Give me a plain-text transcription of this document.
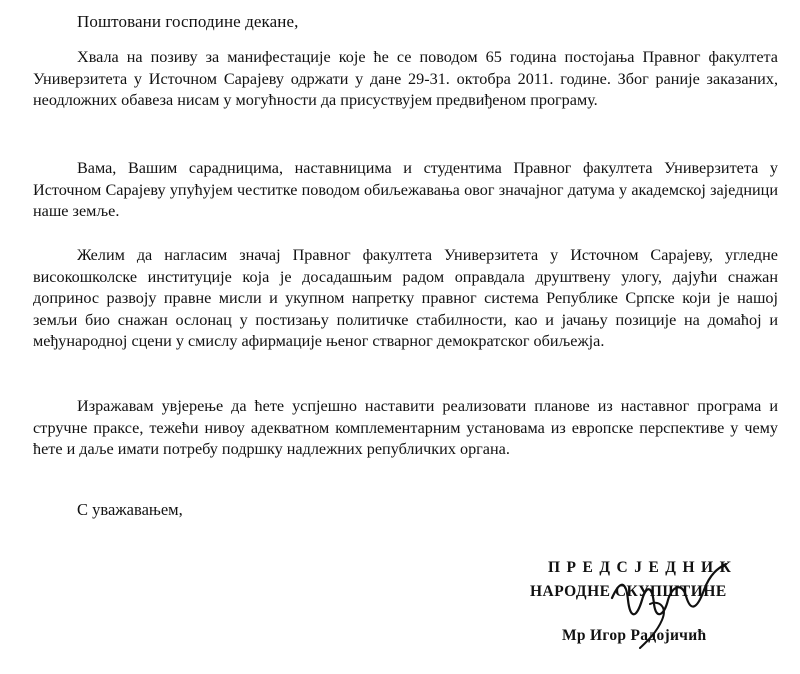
Поштовани господине декане,

Хвала на позиву за манифестације које ће се поводом 65 година постојања Правног факултета Универзитета у Источном Сарајеву одржати у дане 29-31. октобра 2011. године. Због раније заказаних, неодложних обавеза нисам у могућности да присуствујем предвиђеном програму.

Вама, Вашим сарадницима, наставницима и студентима Правног факултета Универзитета у Источном Сарајеву упућујем честитке поводом обиљежавања овог значајног датума у академској заједници наше земље.

Желим да нагласим значај Правног факултета Универзитета у Источном Сарајеву, угледне високошколске институције која је досадашњим радом оправдала друштвену улогу, дајући снажан допринос развоју правне мисли и укупном напретку правног система Републике Српске који је нашој земљи био снажан ослонац у постизању политичке стабилности, као и јачању позиције на домаћој и међународној сцени у смислу афирмације њеног стварног демократског обиљежја.

Изражавам увјерење да ћете успјешно наставити реализовати планове из наставног програма и стручне праксе, тежећи нивоу адекватном комплементарним установама из европске перспективе у чему ћете и даље имати потребу подршку надлежних републичких органа.

С уважавањем,
ПРЕДСЈЕДНИК
НАРОДНЕ СКУПШТИНЕ
Мр Игор Радојичић
